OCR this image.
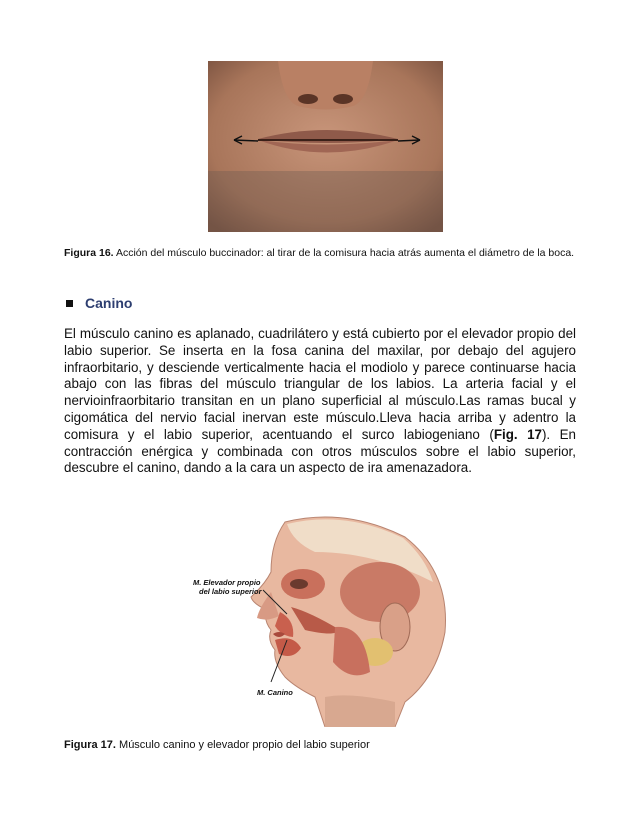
Figura 16. Acción del músculo buccinador: al tirar de la comisura hacia atrás aumenta el diámetro de la boca.
Canino
El músculo canino es aplanado, cuadrilátero y está cubierto por el elevador propio del labio superior. Se inserta en la fosa canina del maxilar, por debajo del agujero infraorbitario, y desciende verticalmente hacia el modiolo y parece continuarse hacia abajo con las fibras del músculo triangular de los labios. La arteria facial y el nervioinfraorbitario transitan en un plano superficial al músculo.Las ramas bucal y cigomática del nervio facial inervan este músculo.Lleva hacia arriba y adentro la comisura y el labio superior, acentuando el surco labiogeniano (Fig. 17). En contracción enérgica y combinada con otros músculos sobre el labio superior, descubre el canino, dando a la cara un aspecto de ira amenazadora.
M. Elevador propio
del labio superior
M. Canino
Figura 17. Músculo canino y elevador propio del labio superior
